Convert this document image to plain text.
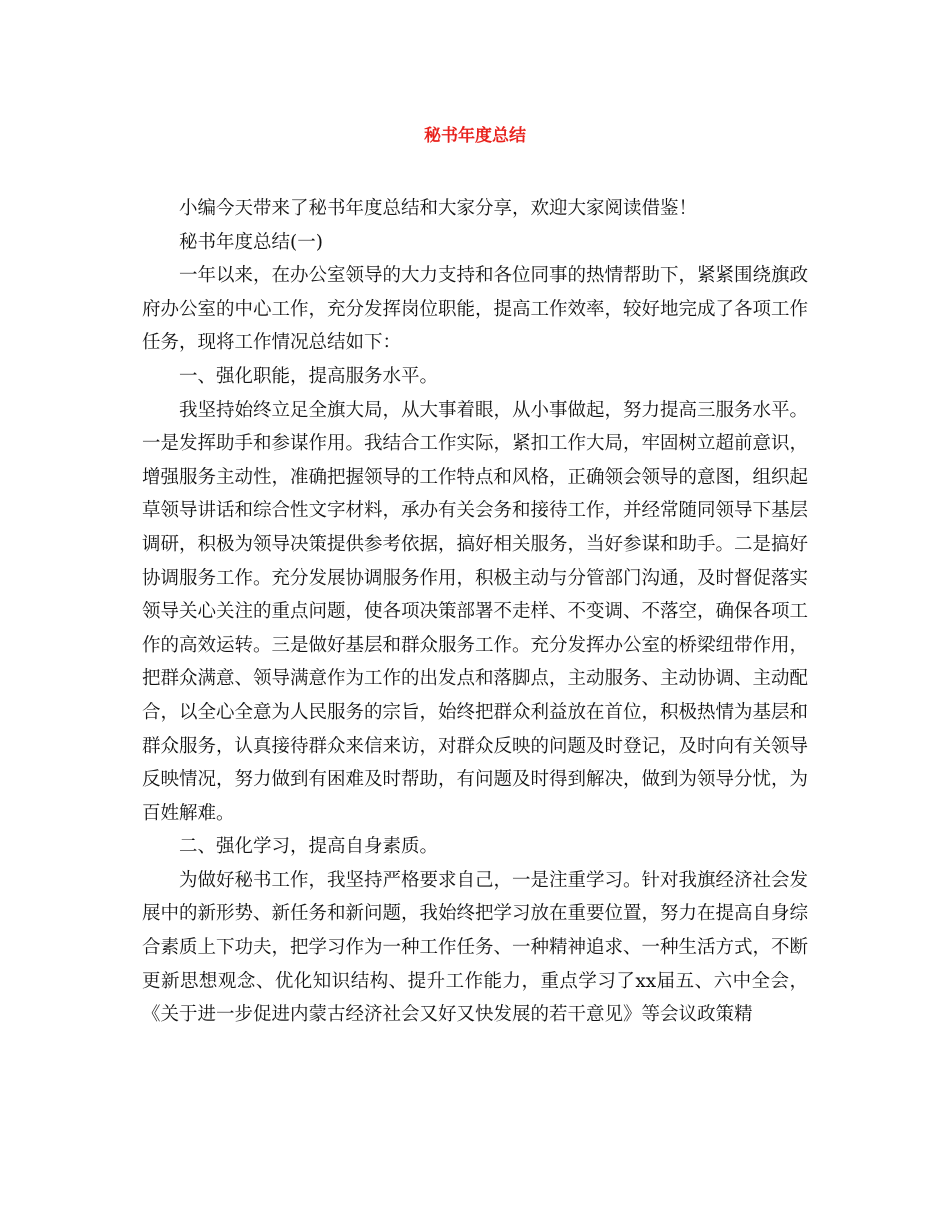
秘书年度总结

小编今天带来了秘书年度总结和大家分享，欢迎大家阅读借鉴！

秘书年度总结(一)

一年以来，在办公室领导的大力支持和各位同事的热情帮助下，紧紧围绕旗政府办公室的中心工作，充分发挥岗位职能，提高工作效率，较好地完成了各项工作任务，现将工作情况总结如下：

一、强化职能，提高服务水平。

我坚持始终立足全旗大局，从大事着眼，从小事做起，努力提高三服务水平。一是发挥助手和参谋作用。我结合工作实际，紧扣工作大局，牢固树立超前意识，增强服务主动性，准确把握领导的工作特点和风格，正确领会领导的意图，组织起草领导讲话和综合性文字材料，承办有关会务和接待工作，并经常随同领导下基层调研，积极为领导决策提供参考依据，搞好相关服务，当好参谋和助手。二是搞好协调服务工作。充分发展协调服务作用，积极主动与分管部门沟通，及时督促落实领导关心关注的重点问题，使各项决策部署不走样、不变调、不落空，确保各项工作的高效运转。三是做好基层和群众服务工作。充分发挥办公室的桥梁纽带作用，把群众满意、领导满意作为工作的出发点和落脚点，主动服务、主动协调、主动配合，以全心全意为人民服务的宗旨，始终把群众利益放在首位，积极热情为基层和群众服务，认真接待群众来信来访，对群众反映的问题及时登记，及时向有关领导反映情况，努力做到有困难及时帮助，有问题及时得到解决，做到为领导分忧，为百姓解难。

二、强化学习，提高自身素质。

为做好秘书工作，我坚持严格要求自己，一是注重学习。针对我旗经济社会发展中的新形势、新任务和新问题，我始终把学习放在重要位置，努力在提高自身综合素质上下功夫，把学习作为一种工作任务、一种精神追求、一种生活方式，不断更新思想观念、优化知识结构、提升工作能力，重点学习了xx届五、六中全会，《关于进一步促进内蒙古经济社会又好又快发展的若干意见》等会议政策精
